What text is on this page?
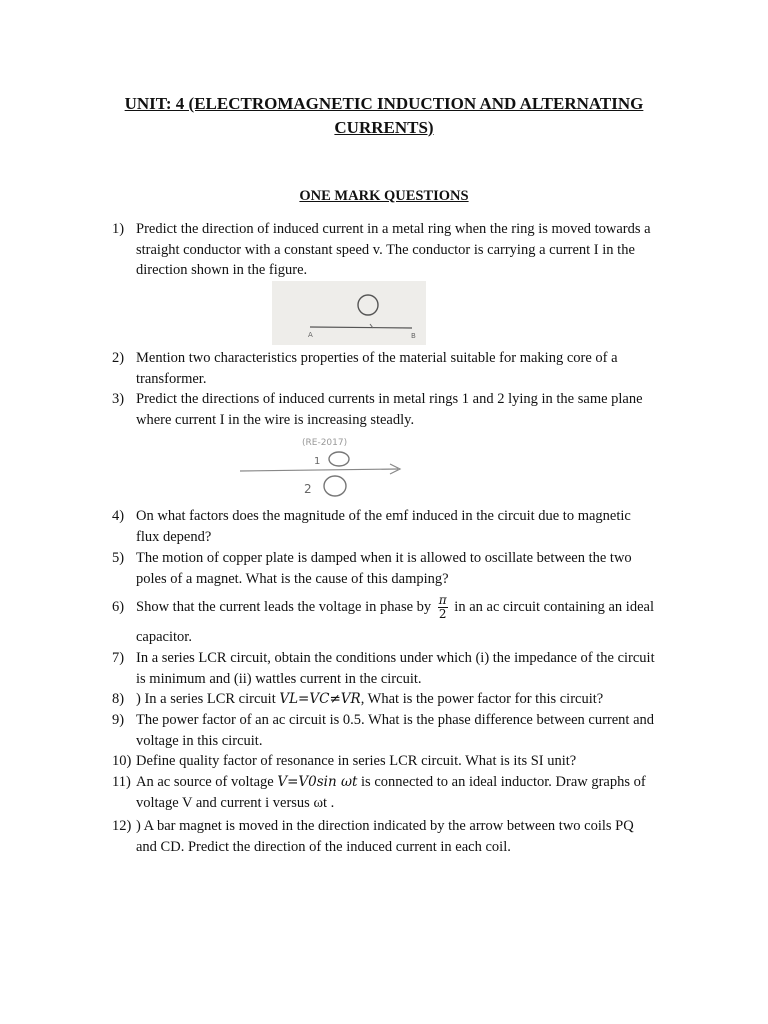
UNIT: 4 (ELECTROMAGNETIC INDUCTION AND ALTERNATING
CURRENTS)
ONE MARK QUESTIONS
1) Predict the direction of induced current in a metal ring when the ring is moved towards a
straight conductor with a constant speed v. The conductor is carrying a current I in the
direction shown in the figure.
A	B
2) Mention two characteristics properties of the material suitable for making core of a
transformer.
3) Predict the directions of induced currents in metal rings 1 and 2 lying in the same plane
where current I in the wire is increasing steadly.
(RE-2017)
1
2
4) On what factors does the magnitude of the emf induced in the circuit due to magnetic
flux depend?
5) The motion of copper plate is damped when it is allowed to oscillate between the two
poles of a magnet. What is the cause of this damping?
6) Show that the current leads the voltage in phase by $\frac{\pi}{2}$ in an ac circuit containing an ideal
capacitor.
7) In a series LCR circuit, obtain the conditions under which (i) the impedance of the circuit
is minimum and (ii) wattles current in the circuit.
8) ) In a series LCR circuit VL=VC≠VR, What is the power factor for this circuit?
9) The power factor of an ac circuit is 0.5. What is the phase difference between current and
voltage in this circuit.
10) Define quality factor of resonance in series LCR circuit. What is its SI unit?
11) An ac source of voltage V=V0sin ωt is connected to an ideal inductor. Draw graphs of
voltage V and current i versus ωt .
12) ) A bar magnet is moved in the direction indicated by the arrow between two coils PQ
and CD. Predict the direction of the induced current in each coil.
